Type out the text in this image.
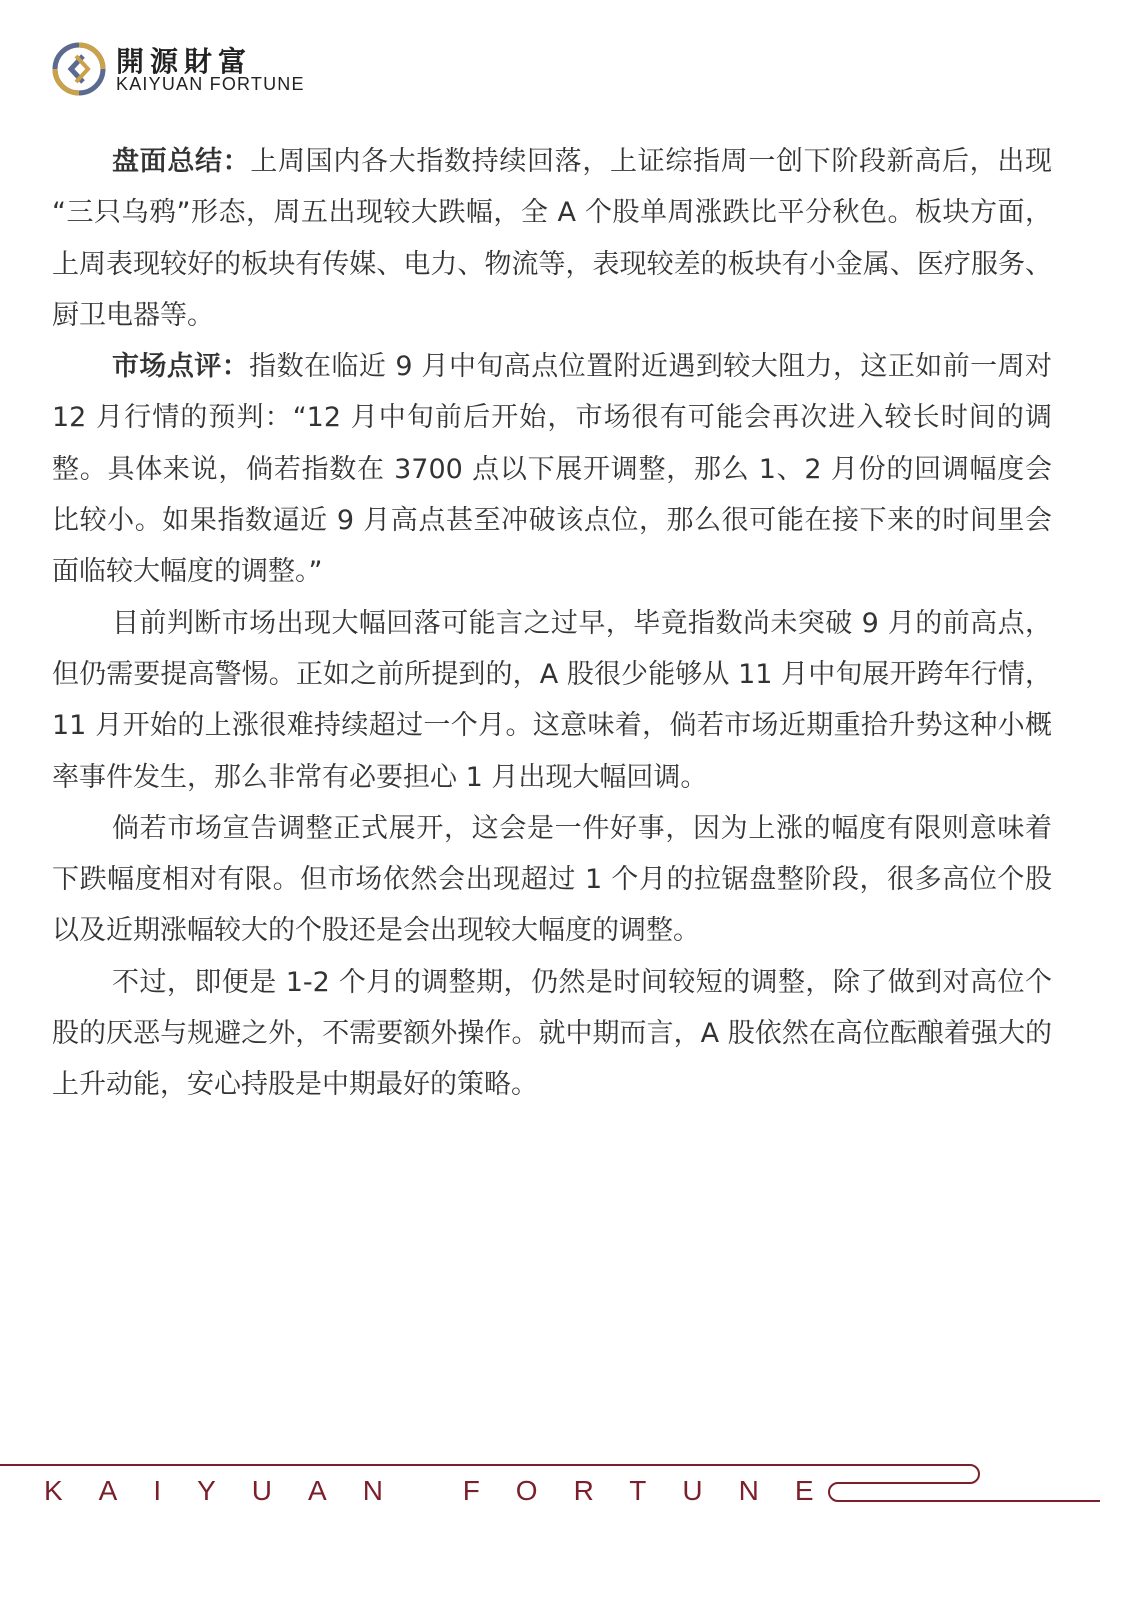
開源財富
KAIYUAN FORTUNE

盘面总结：上周国内各大指数持续回落，上证综指周一创下阶段新高后，出现 “三只乌鸦”形态，周五出现较大跌幅，全 A 个股单周涨跌比平分秋色。板块方面，上周表现较好的板块有传媒、电力、物流等，表现较差的板块有小金属、医疗服务、厨卫电器等。

市场点评：指数在临近 9 月中旬高点位置附近遇到较大阻力，这正如前一周对 12 月行情的预判：“12 月中旬前后开始，市场很有可能会再次进入较长时间的调整。具体来说，倘若指数在 3700 点以下展开调整，那么 1、2 月份的回调幅度会比较小。如果指数逼近 9 月高点甚至冲破该点位，那么很可能在接下来的时间里会面临较大幅度的调整。”

目前判断市场出现大幅回落可能言之过早，毕竟指数尚未突破 9 月的前高点，但仍需要提高警惕。正如之前所提到的，A 股很少能够从 11 月中旬展开跨年行情，11 月开始的上涨很难持续超过一个月。这意味着，倘若市场近期重拾升势这种小概率事件发生，那么非常有必要担心 1 月出现大幅回调。

倘若市场宣告调整正式展开，这会是一件好事，因为上涨的幅度有限则意味着下跌幅度相对有限。但市场依然会出现超过 1 个月的拉锯盘整阶段，很多高位个股以及近期涨幅较大的个股还是会出现较大幅度的调整。

不过，即便是 1-2 个月的调整期，仍然是时间较短的调整，除了做到对高位个股的厌恶与规避之外，不需要额外操作。就中期而言，A 股依然在高位酝酿着强大的上升动能，安心持股是中期最好的策略。

KAIYUAN FORTUNE
